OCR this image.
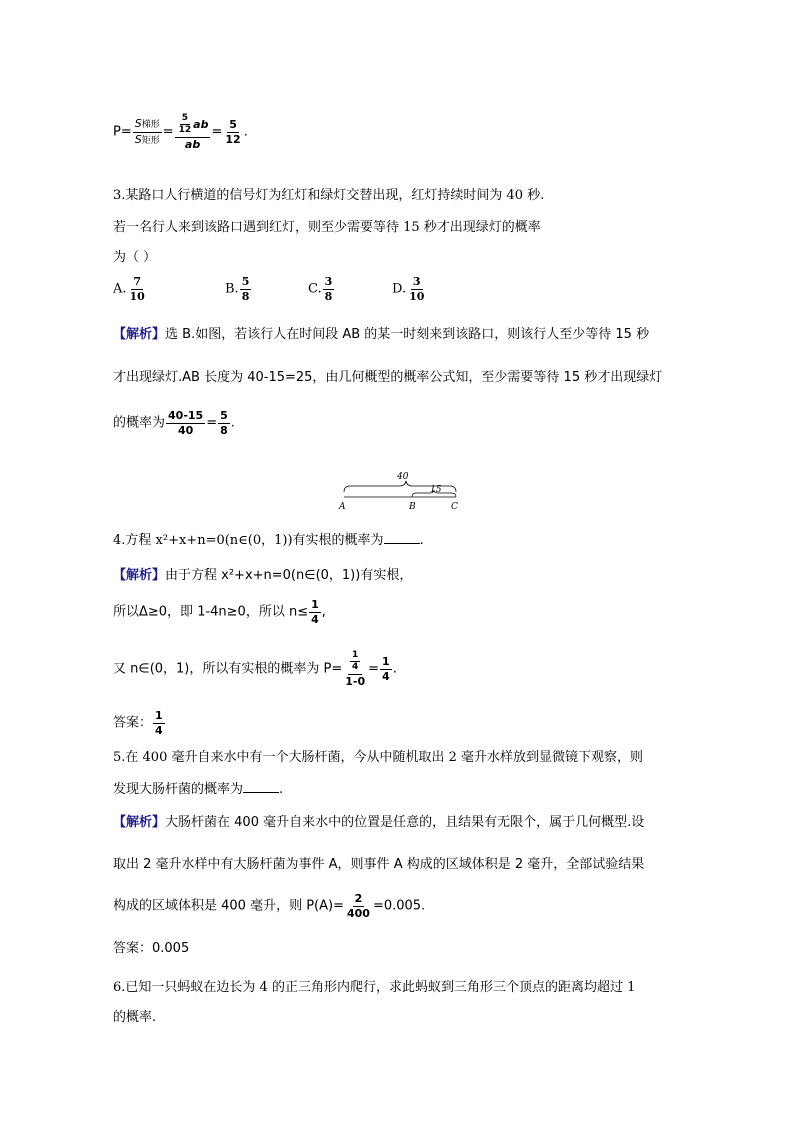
$P= \frac{\text{S梯形}}{\text{S矩形}} = \frac{\frac{5}{12} ab}{ab} = \frac{5}{12}$ .
3.某路口人行横道的信号灯为红灯和绿灯交替出现，红灯持续时间为 40 秒.
若一名行人来到该路口遇到红灯，则至少需要等待 15 秒才出现绿灯的概率
为（ ）
A. $\frac{7}{10}$	B. $\frac{5}{8}$	C. $\frac{3}{8}$	D. $\frac{3}{10}$
【解析】选 B.如图，若该行人在时间段 AB 的某一时刻来到该路口，则该行人至少等待 15 秒
才出现绿灯.AB 长度为 40-15=25，由几何概型的概率公式知，至少需要等待 15 秒才出现绿灯
的概率为 $\frac{40-15}{40} = \frac{5}{8}$ .
40
15
A	B	C
4.方程 x²+x+n=0(n∈(0，1))有实根的概率为	.
【解析】由于方程 x²+x+n=0(n∈(0，1))有实根，
所以Δ≥0，即 1-4n≥0，所以 $n\le \frac{1}{4}$ ,
又 n∈(0，1)，所以有实根的概率为 $P= \frac{\frac{1}{4}}{1-0} = \frac{1}{4}$ .
答案： $\frac{1}{4}$
5.在 400 毫升自来水中有一个大肠杆菌，今从中随机取出 2 毫升水样放到显微镜下观察，则
发现大肠杆菌的概率为	.
【解析】大肠杆菌在 400 毫升自来水中的位置是任意的，且结果有无限个，属于几何概型.设
取出 2 毫升水样中有大肠杆菌为事件 A，则事件 A 构成的区域体积是 2 毫升，全部试验结果
构成的区域体积是 400 毫升，则 $P(A)= \frac{2}{400} =0.005$.
答案：0.005
6.已知一只蚂蚁在边长为 4 的正三角形内爬行，求此蚂蚁到三角形三个顶点的距离均超过 1
的概率.
